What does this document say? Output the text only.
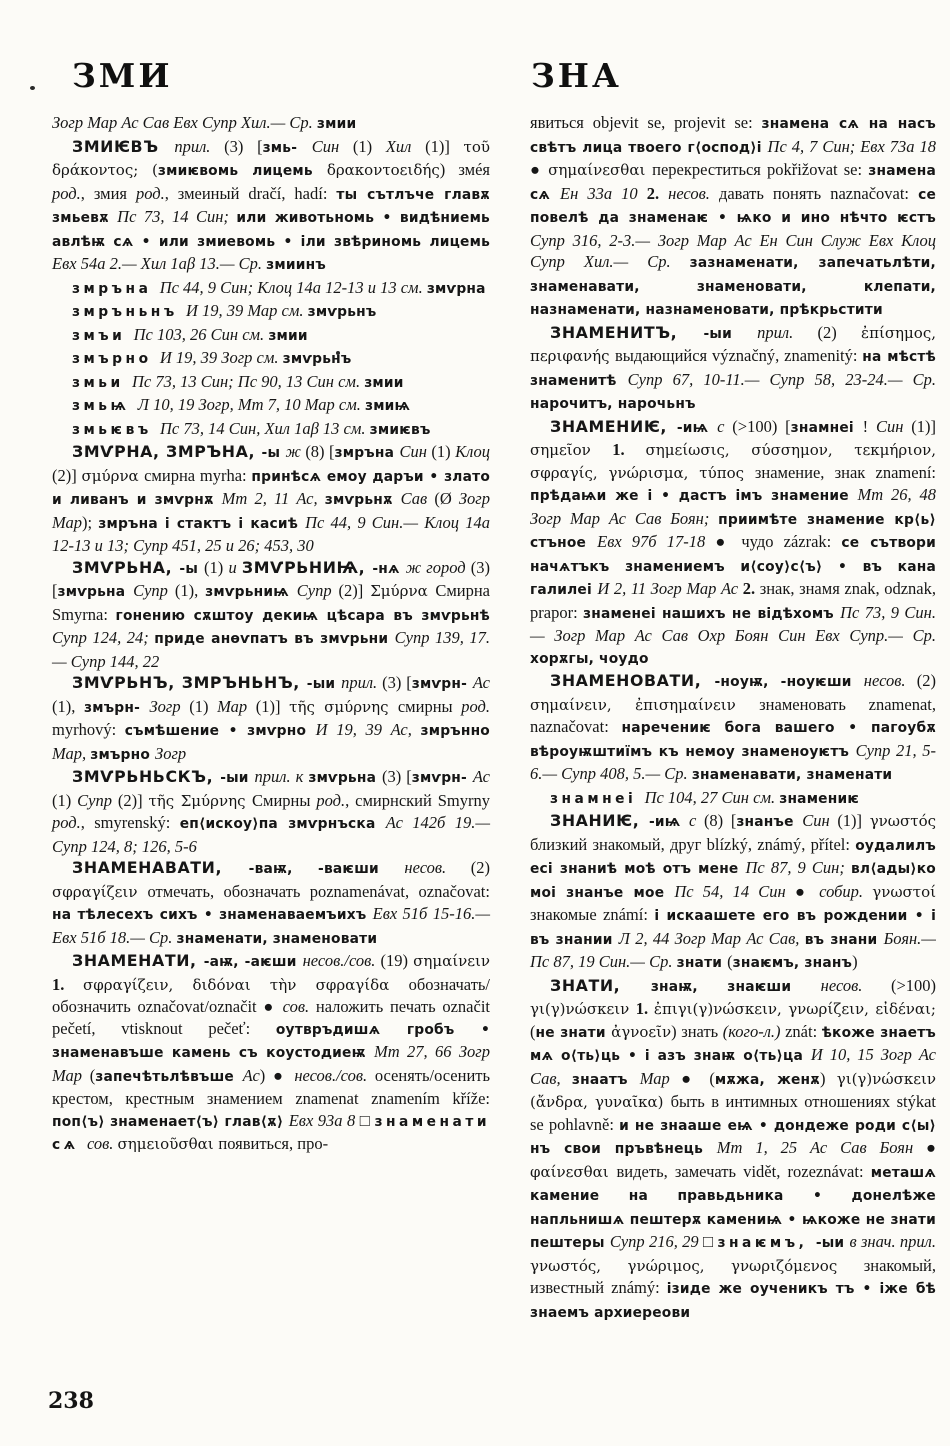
ЗМИ	ЗНА

Зогр Мар Ас Сав Евх Супр Хил.— Ср. змии

ЗМИѤВЪ прил. (3) [змь- Син (1) Хил (1)] τοῦ δράκοντος; (змиѥвомь лицемь δρακοντοειδής) змéя род., змия род., змеиный dračí, hadí: ты сътлъче главѫ змьевѫ Пс 73, 14 Син; или животьномь • видѣниемь авлѣѭ сѧ • или змиевомь • іли звѣриномь лицемь Евх 54а 2.— Хил 1аβ 13.— Ср. змиинъ

змръна Пс 44, 9 Син; Клоц 14а 12-13 и 13 см. змѵрна

змръньнъ И 19, 39 Мар см. змѵрьнъ

змъи Пс 103, 26 Син см. змии

змърно И 19, 39 Зогр см. змѵрьнъ

змьи Пс 73, 13 Син; Пс 90, 13 Син см. змии

змьѩ Л 10, 19 Зогр, Мт 7, 10 Мар см. змиѩ

змьѥвъ Пс 73, 14 Син, Хил 1аβ 13 см. змиѥвъ

ЗМѴРНА, ЗМРЪНА, -ы ж (8) [змръна Син (1) Клоц (2)] σμύρνα смирна myrha: принѣсѧ емоу даръи • злато и ливанъ и змѵрнѫ Мт 2, 11 Ас, змѵрьнѫ Сав (Ø Зогр Мар); змръна і стактъ і касиѣ Пс 44, 9 Син.— Клоц 14а 12-13 и 13; Супр 451, 25 и 26; 453, 30

ЗМѴРЬНА, -ы (1) и ЗМѴРЬНИѨ, -нѧ ж город (3) [змѵрьна Супр (1), змѵрьниѩ Супр (2)] Σμύρνα Смирна Smyrna: гонению сѫштоу декиѩ цѣсара въ змѵрьнѣ Супр 124, 24; приде анѳѵпатъ въ змѵрьни Супр 139, 17.— Супр 144, 22

ЗМѴРЬНЪ, ЗМРЪНЬНЪ, -ыи прил. (3) [змѵрн- Ас (1), змърн- Зогр (1) Мар (1)] τῆς σμύρνης смирны род. myrhový: съмѣшение • змѵрно И 19, 39 Ас, змрънно Мар, змърно Зогр

ЗМѴРЬНЬСКЪ, -ыи прил. к змѵрьна (3) [змѵрн- Ас (1) Супр (2)] τῆς Σμύρνης Смирны род., смирнский Smyrny род., smyrenský: еп⟨искоу⟩па змѵрнъска Ас 142б 19.— Супр 124, 8; 126, 5-6

ЗНАМЕНАВАТИ, -ваѭ, -ваѥши несов. (2) σφραγίζειν отмечать, обозначать poznamenávat, označovat: на тѣлесехъ сихъ • знаменаваемъихъ Евх 51б 15-16.— Евх 51б 18.— Ср. знаменати, знаменовати

ЗНАМЕНАТИ, -аѭ, -аѥши несов./сов. (19) σημαίνειν 1. σφραγίζειν, διδόναι τὴν σφραγίδα обозначать/обозначить označovat/označit ● сов. наложить печать označit pečetí, vtisknout pečeť: оутвръдишѧ гробъ • знаменавъше камень съ коустодиеѭ Мт 27, 66 Зогр Мар (запечѣтьлѣвъше Ас) ● несов./сов. осенять/осенить крестом, крестным знамением znamenat znamením kříže: поп⟨ъ⟩ знаменает⟨ъ⟩ глав⟨ѫ⟩ Евх 93а 8 □ знаменати сѧ сов. σημειοῦσθαι появиться, про-

явиться objevit se, projevit se: знамена сѧ на насъ свѣтъ лица твоего г⟨оспод⟩і Пс 4, 7 Син; Евх 73а 18 ● σημαίνεσθαι перекреститься pokřižovat se: знамена сѧ Ен 33а 10 2. несов. давать понять naznačovat: се повелѣ да знаменаѥ • ѩко и ино нѣчто ѥстъ Супр 316, 2-3.— Зогр Мар Ас Ен Син Служ Евх Клоц Супр Хил.— Ср. зазнаменати, запечатьлѣти, знаменавати, знаменовати, клепати, назнаменати, назнаменовати, прѣкрьстити

ЗНАМЕНИТЪ, -ыи прил. (2) ἐπίσημος, περιφανής выдающийся význačný, znamenitý: на мѣстѣ знаменитѣ Супр 67, 10-11.— Супр 58, 23-24.— Ср. нарочитъ, нарочьнъ

ЗНАМЕНИѤ, -иѩ с (>100) [знамнеі ! Син (1)] σημεῖον 1. σημείωσις, σύσσημον, τεκμήριον, σφραγίς, γνώρισμα, τύπος знамение, знак znamení: прѣдаѩи же і • дастъ імъ знамение Мт 26, 48 Зогр Мар Ас Сав Боян; приимѣте знамение кр⟨ь⟩стъное Евх 97б 17-18 ● чудо zázrak: се сътвори начѧтъкъ знамениемъ и⟨соу⟩с⟨ъ⟩ • въ кана галилеі И 2, 11 Зогр Мар Ас 2. знак, знамя znak, odznak, prapor: знаменеі нашихъ не відѣхомъ Пс 73, 9 Син.— Зогр Мар Ас Сав Охр Боян Син Евх Супр.— Ср. хорѫгы, чоудо

ЗНАМЕНОВАТИ, -ноуѭ, -ноуѥши несов. (2) σημαίνειν, ἐπισημαίνειν знаменовать znamenat, naznačovat: наречениѥ бога вашего • пагоубѫ вѣроуѭштиїмъ къ немоу знаменоуѥтъ Супр 21, 5-6.— Супр 408, 5.— Ср. знаменавати, знаменати

знамнеі Пс 104, 27 Син см. знамениѥ

ЗНАНИѤ, -иѩ с (8) [знанъе Син (1)] γνωστός близкий знакомый, друг blízký, známý, přítel: оудалилъ есі знаниѣ моѣ отъ мене Пс 87, 9 Син; вл⟨ады⟩ко моі знанъе мое Пс 54, 14 Син ● собир. γνωστοί знакомые známí: і искаашете его въ рождении • і въ знании Л 2, 44 Зогр Мар Ас Сав, въ знани Боян.— Пс 87, 19 Син.— Ср. знати (знаѥмъ, знанъ)

ЗНАТИ, знаѭ, знаѥши несов. (>100) γι(γ)νώσκειν 1. ἐπιγι(γ)νώσκειν, γνωρίζειν, εἰδέναι; (не знати ἀγνοεῖν) знать (кого-л.) znát: ѣкоже знаетъ мѧ о⟨ть⟩ць • і азъ знаѭ о⟨ть⟩ца И 10, 15 Зогр Ас Сав, знаатъ Мар ● (мѫжа, женѫ) γι(γ)νώσκειν (ἄνδρα, γυναῖκα) быть в интимных отношениях stýkat se pohlavně: и не знааше еѩ • дондеже роди с⟨ы⟩нъ свои пръвѣнець Мт 1, 25 Ас Сав Боян ● φαίνεσθαι видеть, замечать vidět, rozeznávat: меташѧ камение на правьдьника • донелѣже напльнишѧ пештерѫ камениѩ • ѩкоже не знати пештеры Супр 216, 29 □ знаѥмъ, -ыи в знач. прил. γνωστός, γνώριμος, γνωριζόμενος знакомый, известный známý: ізиде же оученикъ тъ • іже бѣ знаемъ архиереови

238
